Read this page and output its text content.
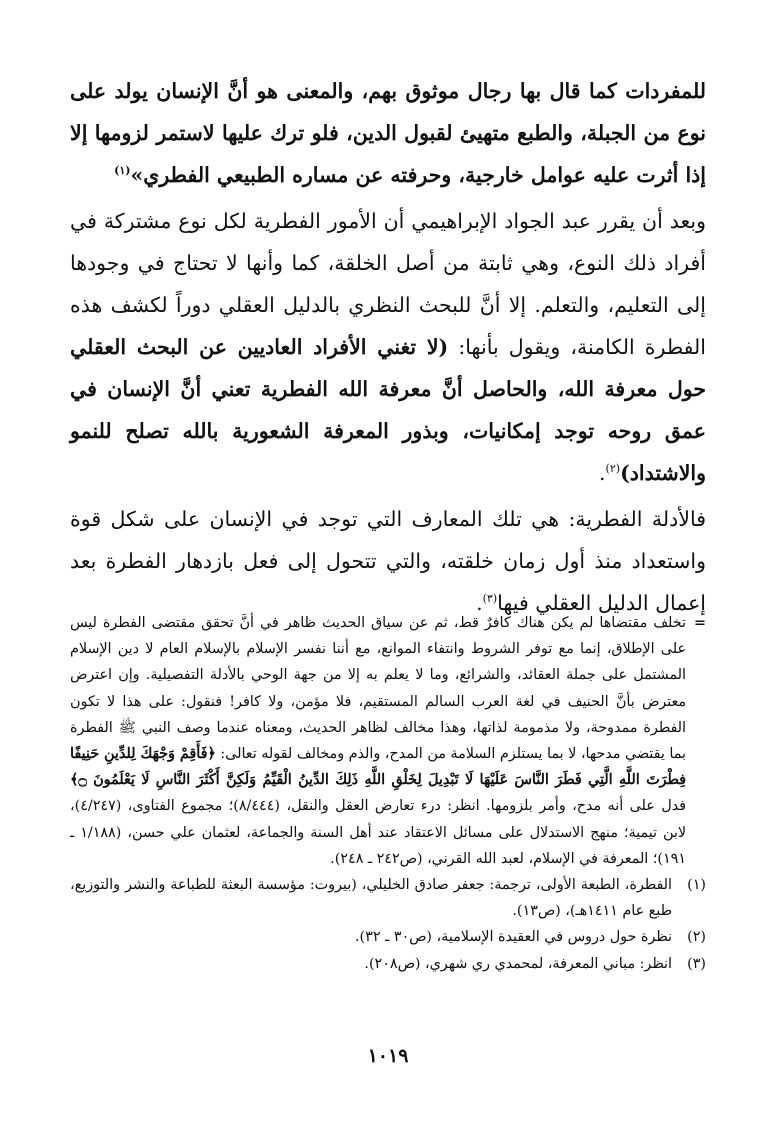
للمفردات كما قال بها رجال موثوق بهم، والمعنى هو أنَّ الإنسان يولد على نوع من الجبلة، والطبع متهيئ لقبول الدين، فلو ترك عليها لاستمر لزومها إلا إذا أثرت عليه عوامل خارجية، وحرفته عن مساره الطبيعي الفطري»$^{(١)}$

وبعد أن يقرر عبد الجواد الإبراهيمي أن الأمور الفطرية لكل نوع مشتركة في أفراد ذلك النوع، وهي ثابتة من أصل الخلقة، كما وأنها لا تحتاج في وجودها إلى التعليم، والتعلم. إلا أنَّ للبحث النظري بالدليل العقلي دوراً لكشف هذه الفطرة الكامنة، ويقول بأنها: (لا تغني الأفراد العاديين عن البحث العقلي حول معرفة الله، والحاصل أنَّ معرفة الله الفطرية تعني أنَّ الإنسان في عمق روحه توجد إمكانيات، وبذور المعرفة الشعورية بالله تصلح للنمو والاشتداد)$^{(٢)}$.

فالأدلة الفطرية: هي تلك المعارف التي توجد في الإنسان على شكل قوة واستعداد منذ أول زمان خلقته، والتي تتحول إلى فعل بازدهار الفطرة بعد إعمال الدليل العقلي فيها$^{(٣)}$.

=
تخلف مقتضاها لم يكن هناك كافرٌ قط، ثم عن سياق الحديث ظاهر في أنَّ تحقق مقتضى الفطرة ليس على الإطلاق، إنما مع توفر الشروط وانتفاء الموانع، مع أننا نفسر الإسلام بالإسلام العام لا دين الإسلام المشتمل على جملة العقائد، والشرائع، وما لا يعلم به إلا من جهة الوحي بالأدلة التفصيلية. وإن اعترض معترض بأنَّ الحنيف في لغة العرب السالم المستقيم، فلا مؤمن، ولا كافر! فنقول: على هذا لا تكون الفطرة ممدوحة، ولا مذمومة لذاتها، وهذا مخالف لظاهر الحديث، ومعناه عندما وصف النبي ﷺ الفطرة بما يقتضي مدحها، لا بما يستلزم السلامة من المدح، والذم ومخالف لقوله تعالى: ﴿فَأَقِمْ وَجْهَكَ لِلدِّينِ حَنِيفًا فِطْرَتَ اللَّهِ الَّتِي فَطَرَ النَّاسَ عَلَيْهَا لَا تَبْدِيلَ لِخَلْقِ اللَّهِ ذَلِكَ الدِّينُ الْقَيِّمُ وَلَكِنَّ أَكْثَرَ النَّاسِ لَا يَعْلَمُونَ ۝﴾ فدل على أنه مدح، وأمر بلزومها. انظر: درء تعارض العقل والنقل، (٨/٤٤٤)؛ مجموع الفتاوى، (٤/٢٤٧)، لابن تيمية؛ منهج الاستدلال على مسائل الاعتقاد عند أهل السنة والجماعة، لعثمان علي حسن، (١/١٨٨ ـ ١٩١)؛ المعرفة في الإسلام، لعبد الله القرني، (ص٢٤٢ ـ ٢٤٨).

(١)
الفطرة، الطبعة الأولى، ترجمة: جعفر صادق الخليلي، (بيروت: مؤسسة البعثة للطباعة والنشر والتوزيع، طبع عام ١٤١١هـ)، (ص١٣).
(٢)
نظرة حول دروس في العقيدة الإسلامية، (ص٣٠ ـ ٣٢).
(٣)
انظر: مباني المعرفة، لمحمدي ري شهري، (ص٢٠٨).
١٠١٩
